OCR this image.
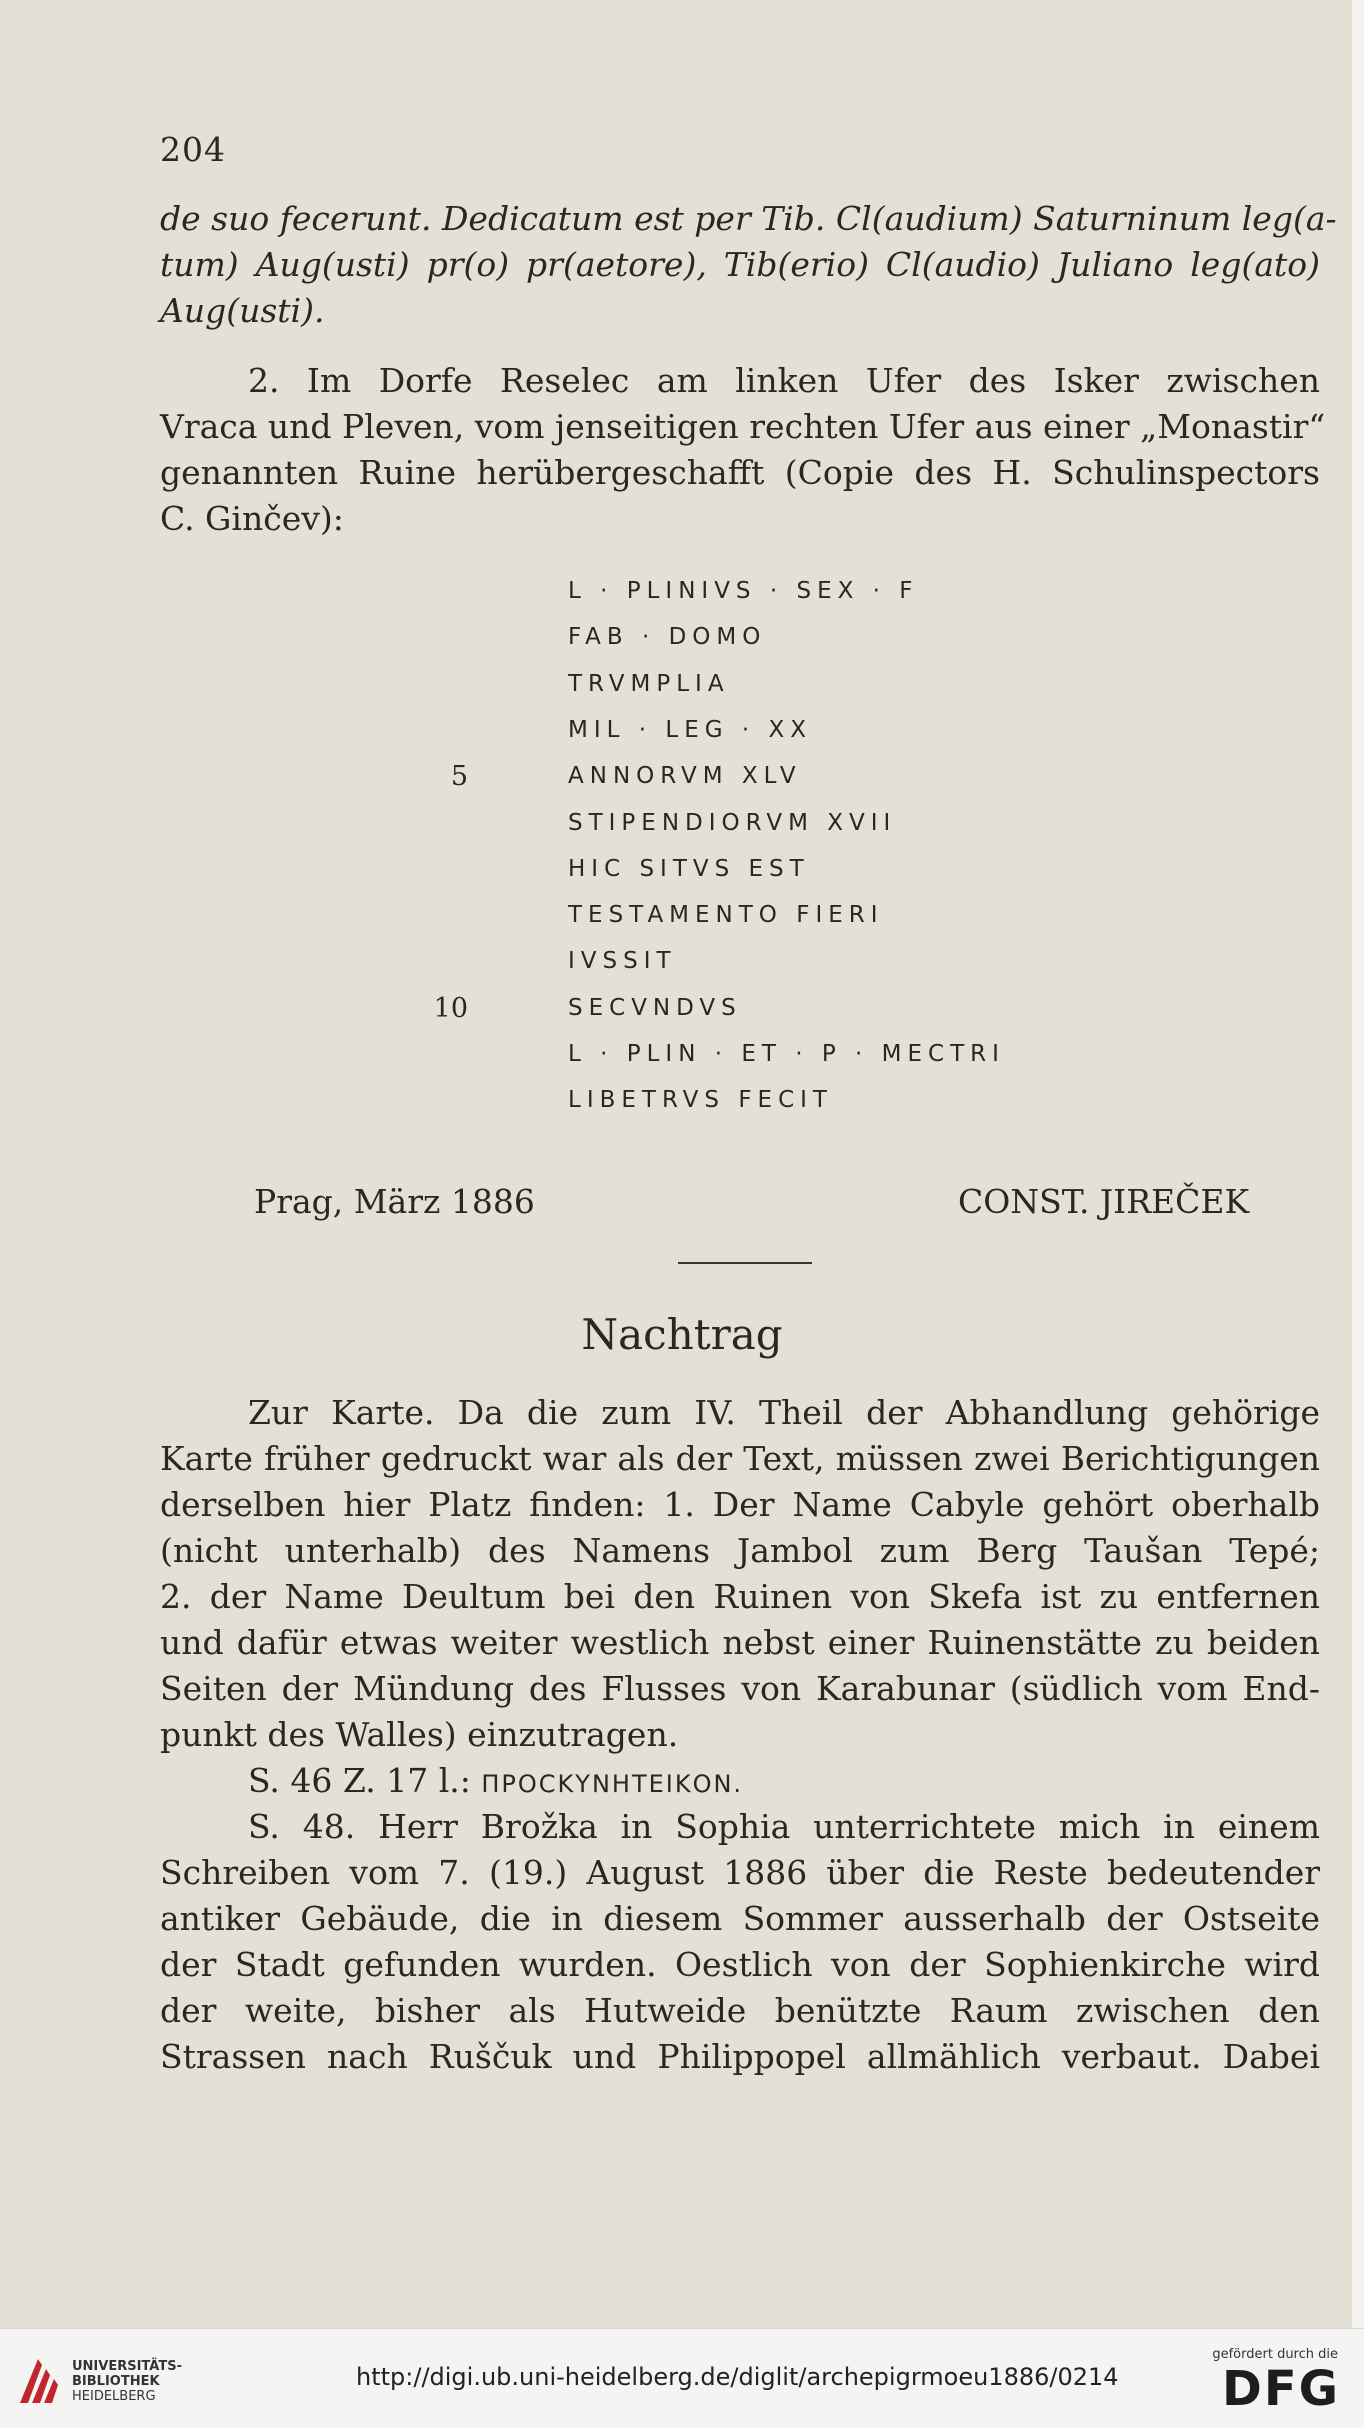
204
de suo fecerunt. Dedicatum est per Tib. Cl(audium) Saturninum leg(a-
tum) Aug(usti) pr(o) pr(aetore), Tib(erio) Cl(audio) Juliano leg(ato)
Aug(usti).
2. Im Dorfe Reselec am linken Ufer des Isker zwischen
Vraca und Pleven, vom jenseitigen rechten Ufer aus einer „Monastir“
genannten Ruine herübergeschafft (Copie des H. Schulinspectors
C. Ginčev):
L · PLINIVS · SEX · F
FAB · DOMO
TRVMPLIA
MIL · LEG · XX
5	ANNORVM XLV
STIPENDIORVM XVII
HIC SITVS EST
TESTAMENTO FIERI
IVSSIT
10	SECVNDVS
L · PLIN · ET · P · MECTRI
LIBETRVS FECIT
Prag, März 1886	CONST. JIREČEK
Nachtrag
Zur Karte. Da die zum IV. Theil der Abhandlung gehörige
Karte früher gedruckt war als der Text, müssen zwei Berichtigungen
derselben hier Platz finden: 1. Der Name Cabyle gehört oberhalb
(nicht unterhalb) des Namens Jambol zum Berg Taušan Tepé;
2. der Name Deultum bei den Ruinen von Skefa ist zu entfernen
und dafür etwas weiter westlich nebst einer Ruinenstätte zu beiden
Seiten der Mündung des Flusses von Karabunar (südlich vom End-
punkt des Walles) einzutragen.
S. 46 Z. 17 l.: ΠΡΟϹΚΥΝΗΤΕΙΚΟΝ.
S. 48. Herr Brožka in Sophia unterrichtete mich in einem
Schreiben vom 7. (19.) August 1886 über die Reste bedeutender
antiker Gebäude, die in diesem Sommer ausserhalb der Ostseite
der Stadt gefunden wurden. Oestlich von der Sophienkirche wird
der weite, bisher als Hutweide benützte Raum zwischen den
Strassen nach Ruščuk und Philippopel allmählich verbaut. Dabei
UNIVERSITÄTS-
BIBLIOTHEK
HEIDELBERG
http://digi.ub.uni-heidelberg.de/diglit/archepigrmoeu1886/0214
gefördert durch die
DFG
